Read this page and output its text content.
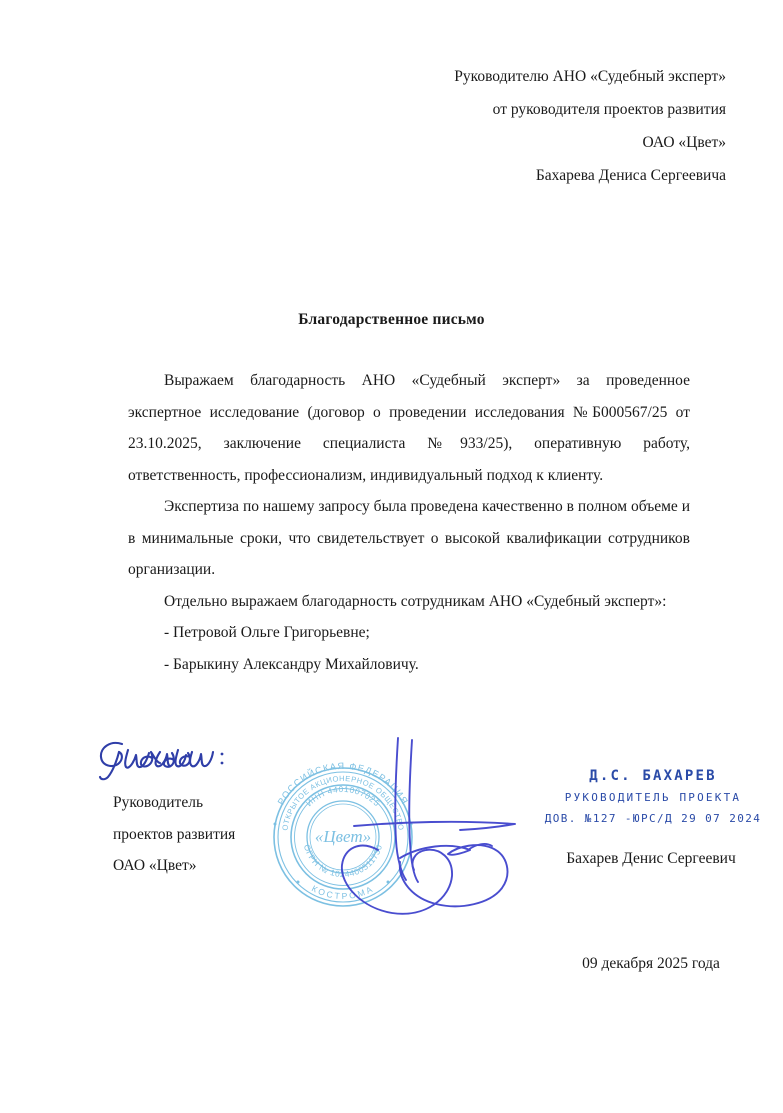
Руководителю АНО «Судебный эксперт»
от руководителя проектов развития
ОАО «Цвет»
Бахарева Дениса Сергеевича
Благодарственное письмо

Выражаем благодарность АНО «Судебный эксперт» за проведенное экспертное исследование (договор о проведении исследования №Б000567/25 от 23.10.2025, заключение специалиста №933/25), оперативную работу, ответственность, профессионализм, индивидуальный подход к клиенту.

Экспертиза по нашему запросу была проведена качественно в полном объеме и в минимальные сроки, что свидетельствует о высокой квалификации сотрудников организации.

Отдельно выражаем благодарность сотрудникам АНО «Судебный эксперт»:

- Петровой Ольге Григорьевне;

- Барыкину Александру Михайловичу.

Руководитель
проектов развития
ОАО «Цвет»
РОССИЙСКАЯ ФЕДЕРАЦИЯ
КОСТРОМА
ОТКРЫТОЕ АКЦИОНЕРНОЕ ОБЩЕСТВО
ИНН 4401007025
ОГРН № 1024400511730
«Цвет»
Д.С. БАХАРЕВ
РУКОВОДИТЕЛЬ ПРОЕКТА
ДОВ. №127 -ЮРС/Д 29 07 2024
Бахарев Денис Сергеевич
09 декабря 2025 года
